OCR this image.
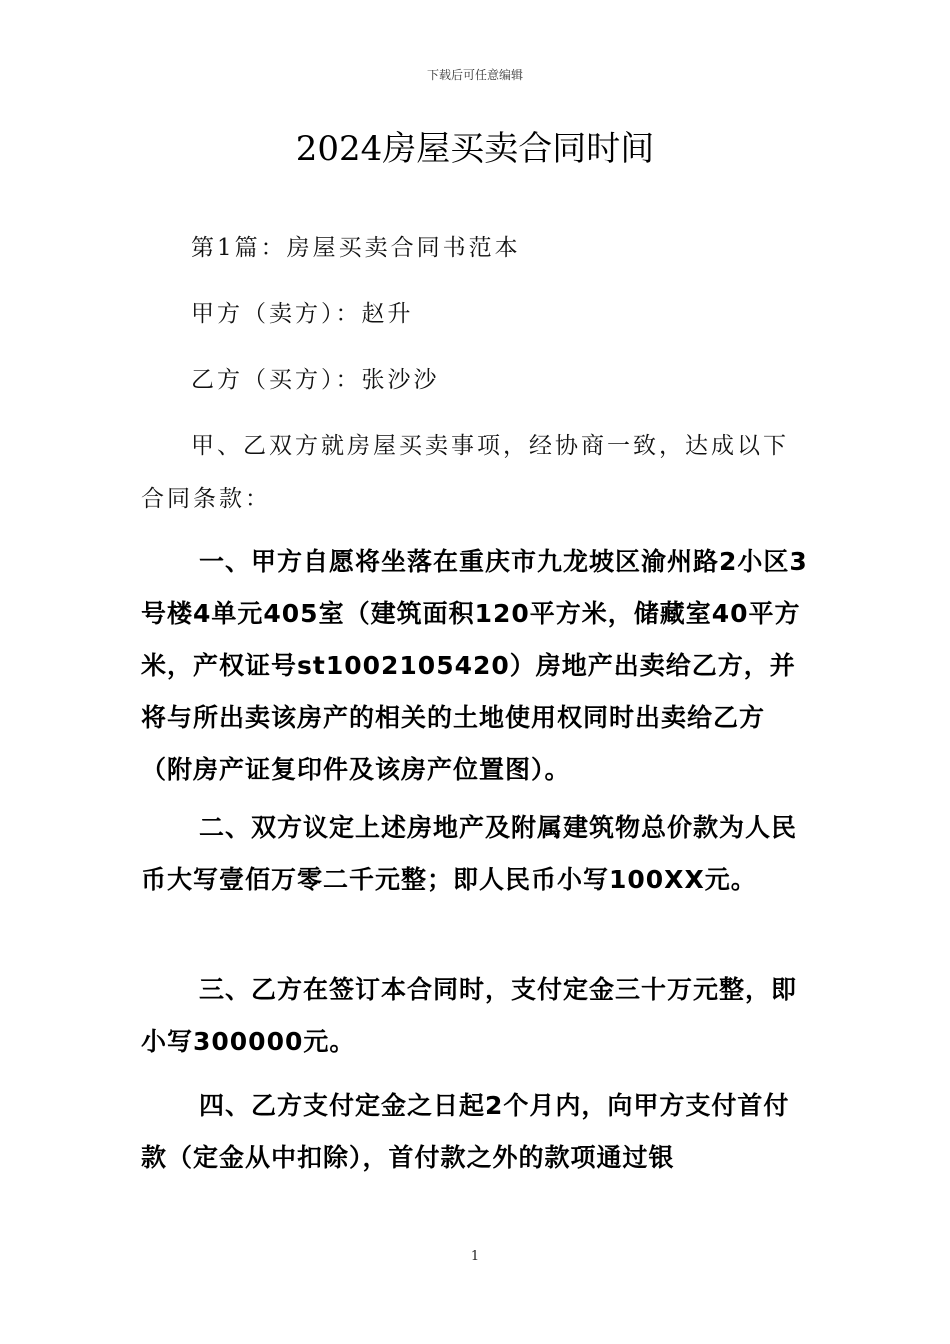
下载后可任意编辑
2024房屋买卖合同时间

第1篇：房屋买卖合同书范本

甲方（卖方）：赵升

乙方（买方）：张沙沙

甲、乙双方就房屋买卖事项，经协商一致，达成以下合同条款：

一、甲方自愿将坐落在重庆市九龙坡区渝州路2小区3号楼4单元405室（建筑面积120平方米，储藏室40平方米，产权证号st1002105420）房地产出卖给乙方，并将与所出卖该房产的相关的土地使用权同时出卖给乙方（附房产证复印件及该房产位置图）。

二、双方议定上述房地产及附属建筑物总价款为人民币大写壹佰万零二千元整；即人民币小写100XX元。

三、乙方在签订本合同时，支付定金三十万元整，即小写300000元。

四、乙方支付定金之日起2个月内，向甲方支付首付款（定金从中扣除），首付款之外的款项通过银

1
